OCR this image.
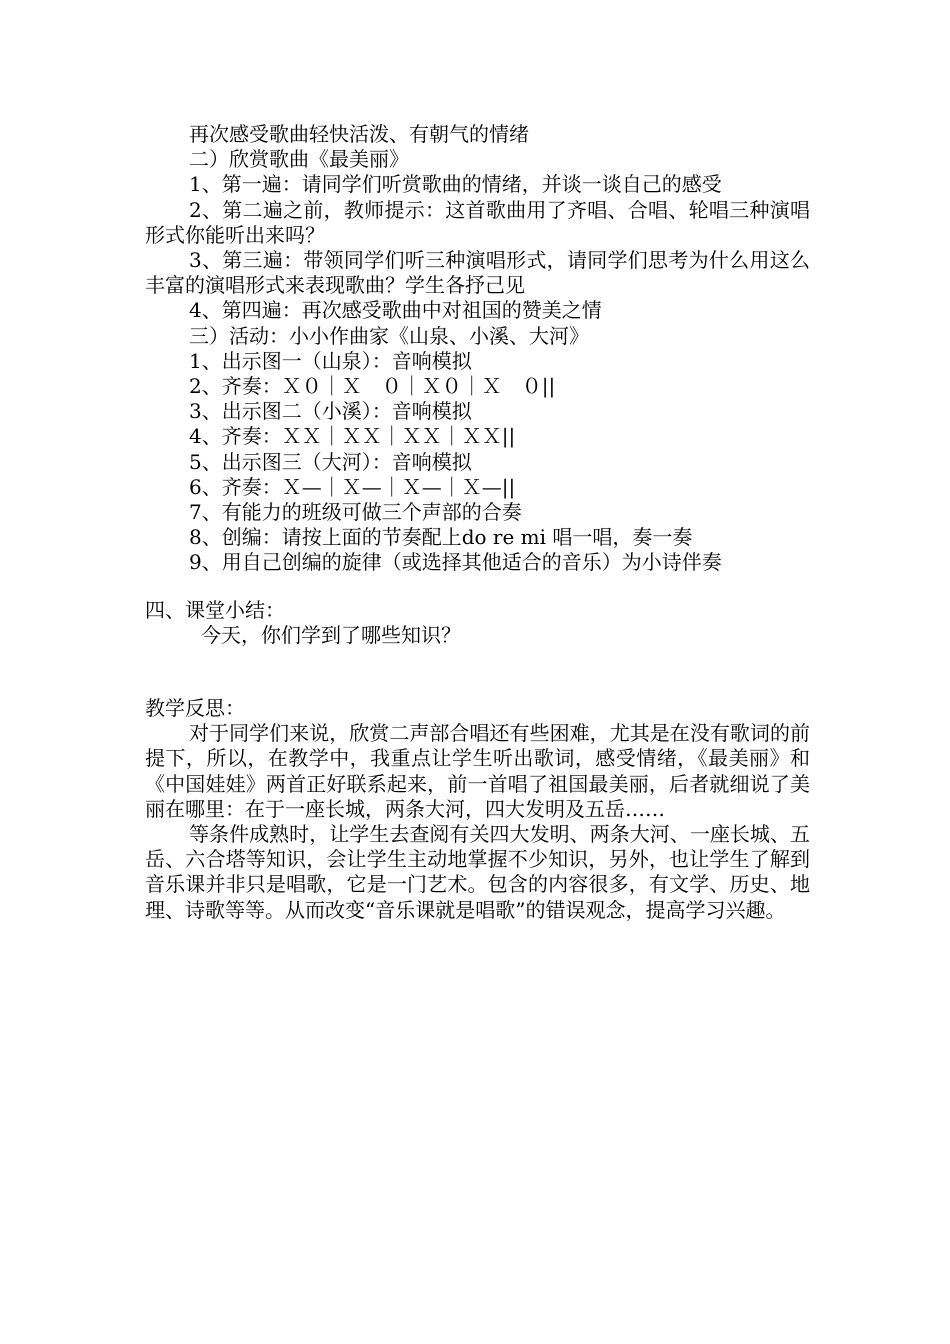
再次感受歌曲轻快活泼、有朝气的情绪

二）欣赏歌曲《最美丽》

1、第一遍：请同学们听赏歌曲的情绪，并谈一谈自己的感受

2、第二遍之前，教师提示：这首歌曲用了齐唱、合唱、轮唱三种演唱形式你能听出来吗？

3、第三遍：带领同学们听三种演唱形式，请同学们思考为什么用这么丰富的演唱形式来表现歌曲？学生各抒己见

4、第四遍：再次感受歌曲中对祖国的赞美之情

三）活动：小小作曲家《山泉、小溪、大河》

1、出示图一（山泉）：音响模拟

2、齐奏：Ｘ０｜Ｘ　０｜Ｘ０｜Ｘ　０||

3、出示图二（小溪）：音响模拟

4、齐奏：ＸＸ｜ＸＸ｜ＸＸ｜ＸＸ||

5、出示图三（大河）：音响模拟

6、齐奏：Ｘ—｜Ｘ—｜Ｘ—｜Ｘ—||

7、有能力的班级可做三个声部的合奏

8、创编：请按上面的节奏配上do re mi 唱一唱，奏一奏

9、用自己创编的旋律（或选择其他适合的音乐）为小诗伴奏

四、课堂小结：

今天，你们学到了哪些知识？

教学反思：

对于同学们来说，欣赏二声部合唱还有些困难，尤其是在没有歌词的前提下，所以，在教学中，我重点让学生听出歌词，感受情绪，《最美丽》和《中国娃娃》两首正好联系起来，前一首唱了祖国最美丽，后者就细说了美丽在哪里：在于一座长城，两条大河，四大发明及五岳……

等条件成熟时，让学生去查阅有关四大发明、两条大河、一座长城、五岳、六合塔等知识，会让学生主动地掌握不少知识，另外，也让学生了解到音乐课并非只是唱歌，它是一门艺术。包含的内容很多，有文学、历史、地理、诗歌等等。从而改变“音乐课就是唱歌”的错误观念，提高学习兴趣。
